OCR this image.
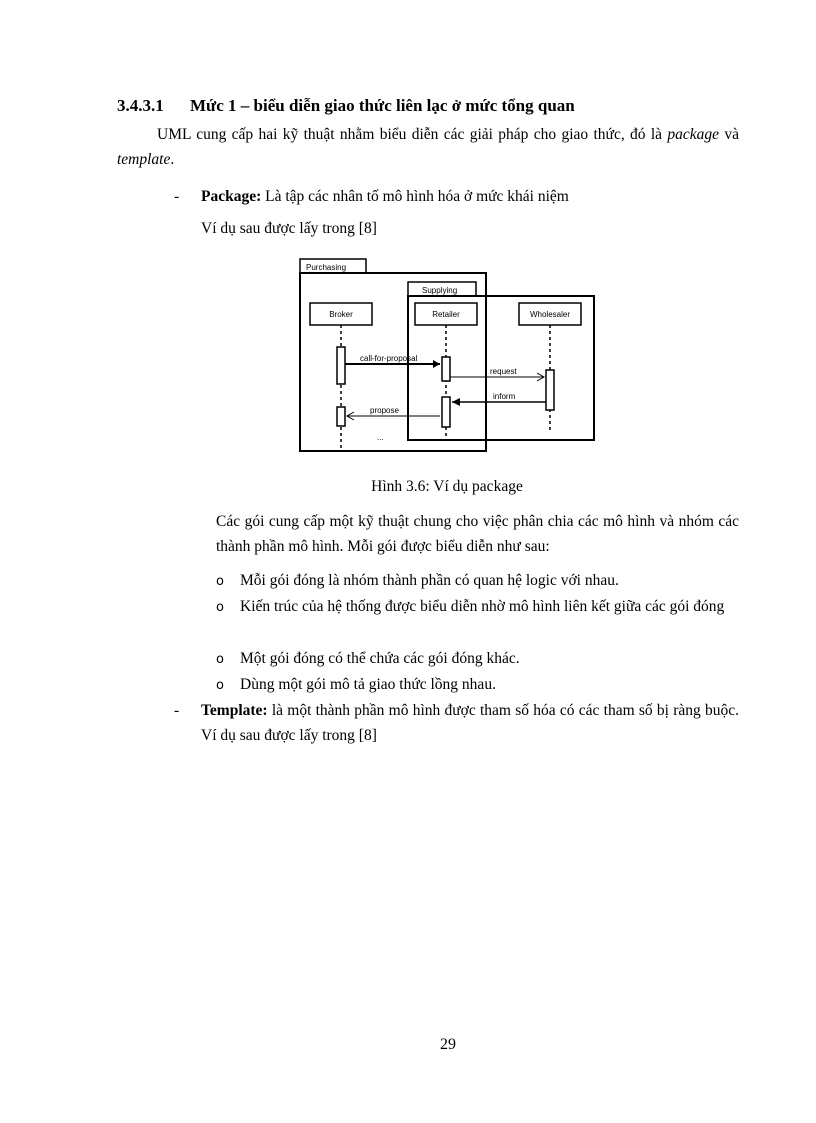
3.4.3.1 Mức 1 – biểu diễn giao thức liên lạc ở mức tổng quan
UML cung cấp hai kỹ thuật nhằm biểu diễn các giải pháp cho giao thức, đó là package và template.
- Package: Là tập các nhân tố mô hình hóa ở mức khái niệm
Ví dụ sau được lấy trong [8]
Purchasing
Supplying
Broker	Retailer	Wholesaler
call-for-proposal
request
inform
propose
...
Hình 3.6: Ví dụ package
Các gói cung cấp một kỹ thuật chung cho việc phân chia các mô hình và nhóm các thành phần mô hình. Mỗi gói được biểu diễn như sau:
o Mỗi gói đóng là nhóm thành phần có quan hệ logic với nhau.
o Kiến trúc của hệ thống được biểu diễn nhờ mô hình liên kết giữa các gói đóng
o Một gói đóng có thể chứa các gói đóng khác.
o Dùng một gói mô tả giao thức lồng nhau.
- Template: là một thành phần mô hình được tham số hóa có các tham số bị ràng buộc. Ví dụ sau được lấy trong [8]
29
